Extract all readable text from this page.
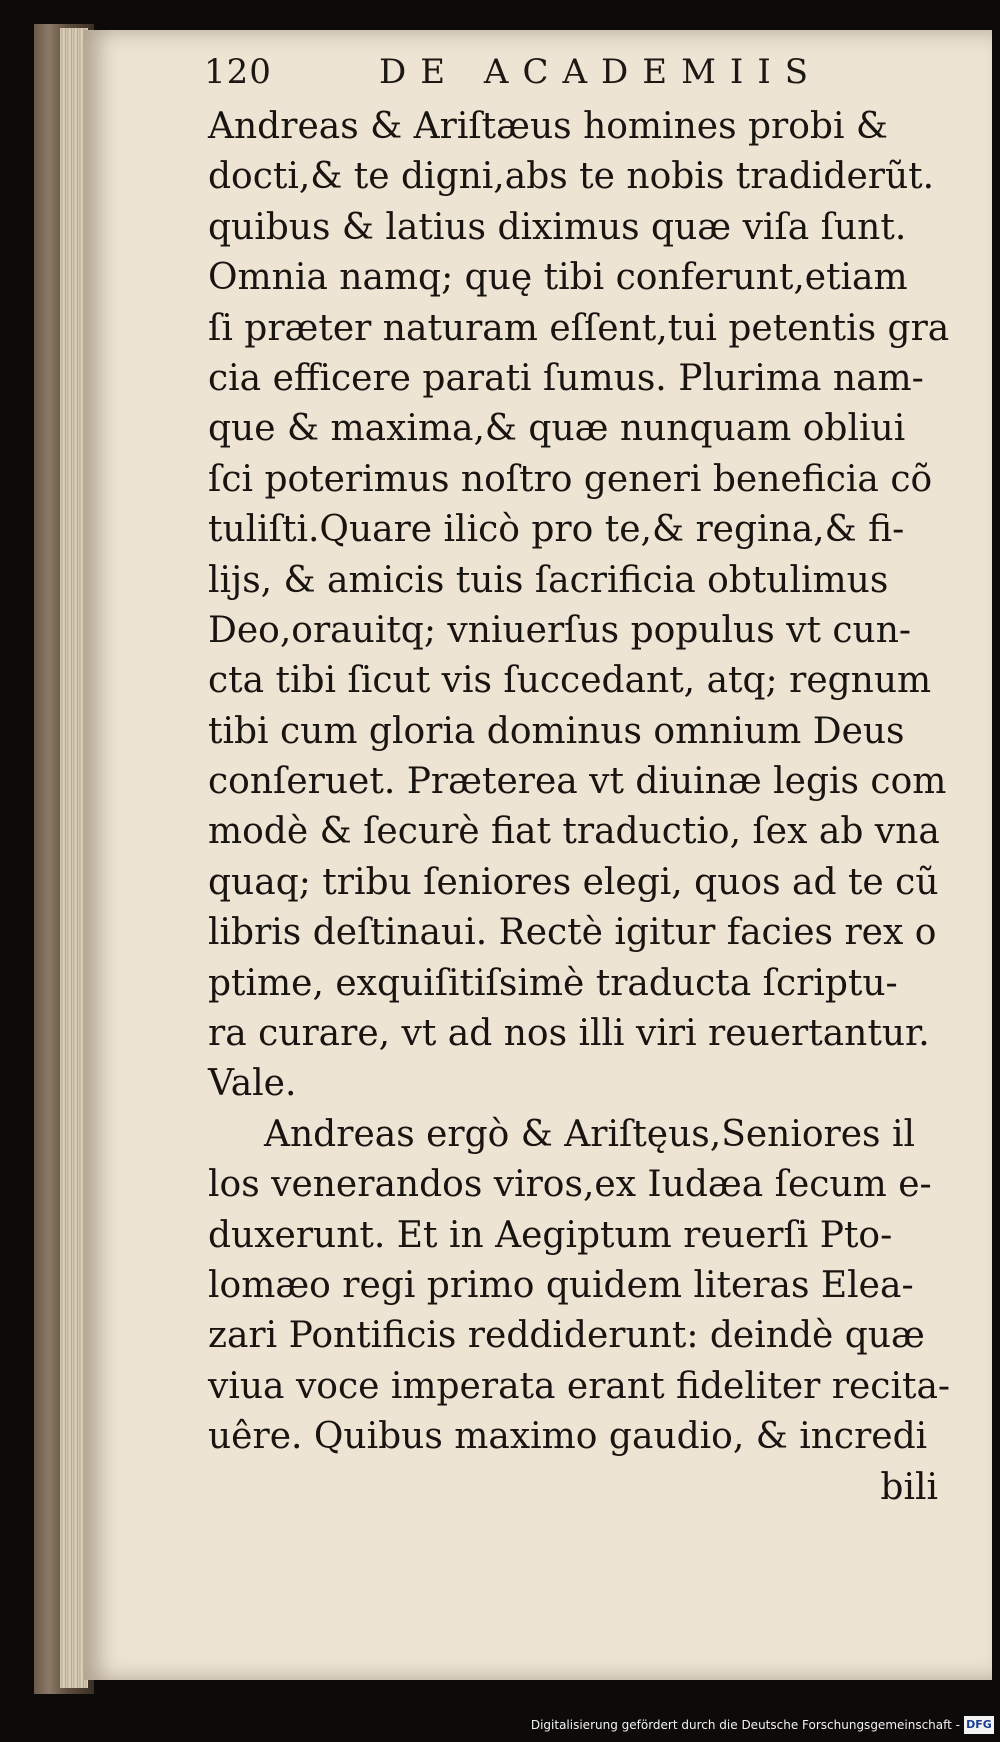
120	DE ACADEMIIS
Andreas & Ariſtæus homines probi &
docti,& te digni,abs te nobis tradiderũt.
quibus & latius diximus quæ viſa ſunt.
Omnia namq; quę tibi conferunt,etiam
ſi præter naturam eſſent,tui petentis gra
cia efficere parati ſumus. Plurima nam-
que & maxima,& quæ nunquam obliui
ſci poterimus noſtro generi beneficia cõ
tuliſti.Quare ilicò pro te,& regina,& fi-
lijs, & amicis tuis ſacrificia obtulimus
Deo,orauitq; vniuerſus populus vt cun-
cta tibi ſicut vis ſuccedant, atq; regnum
tibi cum gloria dominus omnium Deus
conſeruet. Præterea vt diuinæ legis com
modè & ſecurè fiat traductio, ſex ab vna
quaq; tribu ſeniores elegi, quos ad te cũ
libris deſtinaui. Rectè igitur facies rex o
ptime, exquiſitiſsimè traducta ſcriptu-
ra curare, vt ad nos illi viri reuertantur.
Vale.
Andreas ergò & Ariſtęus,Seniores il
los venerandos viros,ex Iudæa ſecum e-
duxerunt. Et in Aegiptum reuerſi Pto-
lomæo regi primo quidem literas Elea-
zari Pontificis reddiderunt: deindè quæ
viua voce imperata erant fideliter recita-
uêre. Quibus maximo gaudio, & incredi
bili
Digitalisierung gefördert durch die Deutsche Forschungsgemeinschaft - DFG
